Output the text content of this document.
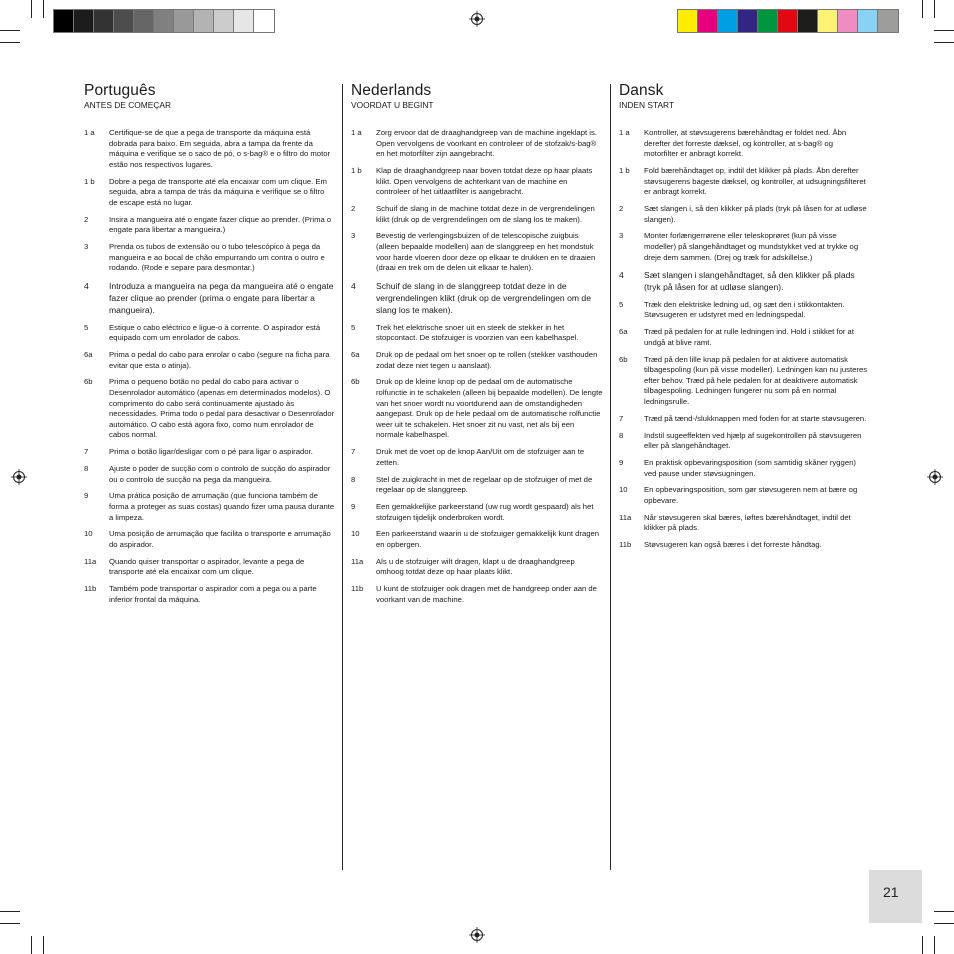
Português
ANTES DE COMEÇAR
1 a	Certifique-se de que a pega de transporte da máquina está dobrada para baixo. Em seguida, abra a tampa da frente da máquina e verifique se o saco de pó, o s-bag® e o filtro do motor estão nos respectivos lugares.
1 b	Dobre a pega de transporte até ela encaixar com um clique. Em seguida, abra a tampa de trás da máquina e verifique se o filtro de escape está no lugar.
2	Insira a mangueira até o engate fazer clique ao prender. (Prima o engate para libertar a mangueira.)
3	Prenda os tubos de extensão ou o tubo telescópico à pega da mangueira e ao bocal de chão empurrando um contra o outro e rodando. (Rode e separe para desmontar.)
4	Introduza a mangueira na pega da mangueira até o engate fazer clique ao prender (prima o engate para libertar a mangueira).
5	Estique o cabo eléctrico e ligue-o à corrente. O aspirador está equipado com um enrolador de cabos.
6a	Prima o pedal do cabo para enrolar o cabo (segure na ficha para evitar que esta o atinja).
6b	Prima o pequeno botão no pedal do cabo para activar o Desenrolador automático (apenas em determinados modelos). O comprimento do cabo será continuamente ajustado às necessidades. Prima todo o pedal para desactivar o Desenrolador automático. O cabo está agora fixo, como num enrolador de cabos normal.
7	Prima o botão ligar/desligar com o pé para ligar o aspirador.
8	Ajuste o poder de sucção com o controlo de sucção do aspirador ou o controlo de sucção na pega da mangueira.
9	Uma prática posição de arrumação (que funciona também de forma a proteger as suas costas) quando fizer uma pausa durante a limpeza.
10	Uma posição de arrumação que facilita o transporte e arrumação do aspirador.
11a	Quando quiser transportar o aspirador, levante a pega de transporte até ela encaixar com um clique.
11b	Também pode transportar o aspirador com a pega ou a parte inferior frontal da máquina.
Nederlands
VOORDAT U BEGINT
1 a	Zorg ervoor dat de draaghandgreep van de machine ingeklapt is. Open vervolgens de voorkant en controleer of de stofzak/s-bag® en het motorfilter zijn aangebracht.
1 b	Klap de draaghandgreep naar boven totdat deze op haar plaats klikt. Open vervolgens de achterkant van de machine en controleer of het uitlaatfilter is aangebracht.
2	Schuif de slang in de machine totdat deze in de vergrendelingen klikt (druk op de vergrendelingen om de slang los te maken).
3	Bevestig de verlengingsbuizen of de telescopische zuigbuis (alleen bepaalde modellen) aan de slanggreep en het mondstuk voor harde vloeren door deze op elkaar te drukken en te draaien (draai en trek om de delen uit elkaar te halen).
4	Schuif de slang in de slanggreep totdat deze in de vergrendelingen klikt (druk op de vergrendelingen om de slang los te maken).
5	Trek het elektrische snoer uit en steek de stekker in het stopcontact. De stofzuiger is voorzien van een kabelhaspel.
6a	Druk op de pedaal om het snoer op te rollen (stekker vasthouden zodat deze niet tegen u aanslaat).
6b	Druk op de kleine knop op de pedaal om de automatische rolfunctie in te schakelen (alleen bij bepaalde modellen). De lengte van het snoer wordt nu voortdurend aan de omstandigheden aangepast. Druk op de hele pedaal om de automatische rolfunctie weer uit te schakelen. Het snoer zit nu vast, net als bij een normale kabelhaspel.
7	Druk met de voet op de knop Aan/Uit om de stofzuiger aan te zetten.
8	Stel de zuigkracht in met de regelaar op de stofzuiger of met de regelaar op de slanggreep.
9	Een gemakkelijke parkeerstand (uw rug wordt gespaard) als het stofzuigen tijdelijk onderbroken wordt.
10	Een parkeerstand waarin u de stofzuiger gemakkelijk kunt dragen en opbergen.
11a	Als u de stofzuiger wilt dragen, klapt u de draaghandgreep omhoog totdat deze op haar plaats klikt.
11b	U kunt de stofzuiger ook dragen met de handgreep onder aan de voorkant van de machine.
Dansk
INDEN START
1 a	Kontroller, at støvsugerens bærehåndtag er foldet ned. Åbn derefter det forreste dæksel, og kontroller, at s-bag® og motorfilter er anbragt korrekt.
1 b	Fold bærehåndtaget op, indtil det klikker på plads. Åbn derefter støvsugerens bageste dæksel, og kontroller, at udsugningsfilteret er anbragt korrekt.
2	Sæt slangen i, så den klikker på plads (tryk på låsen for at udløse slangen).
3	Monter forlængerrørene eller teleskoprøret (kun på visse modeller) på slangehåndtaget og mundstykket ved at trykke og dreje dem sammen. (Drej og træk for adskillelse.)
4	Sæt slangen i slangehåndtaget, så den klikker på plads (tryk på låsen for at udløse slangen).
5	Træk den elektriske ledning ud, og sæt den i stikkontakten. Støvsugeren er udstyret med en ledningspedal.
6a	Træd på pedalen for at rulle ledningen ind. Hold i stikket for at undgå at blive ramt.
6b	Træd på den lille knap på pedalen for at aktivere automatisk tilbagespoling (kun på visse modeller). Ledningen kan nu justeres efter behov. Træd på hele pedalen for at deaktivere automatisk tilbagespoling. Ledningen fungerer nu som på en normal ledningsrulle.
7	Træd på tænd-/slukknappen med foden for at starte støvsugeren.
8	Indstil sugeeffekten ved hjælp af sugekontrollen på støvsugeren eller på slangehåndtaget.
9	En praktisk opbevaringsposition (som samtidig skåner ryggen) ved pause under støvsugningen.
10	En opbevaringsposition, som gør støvsugeren nem at bære og opbevare.
11a	Når støvsugeren skal bæres, løftes bærehåndtaget, indtil det klikker på plads.
11b	Støvsugeren kan også bæres i det forreste håndtag.
21
